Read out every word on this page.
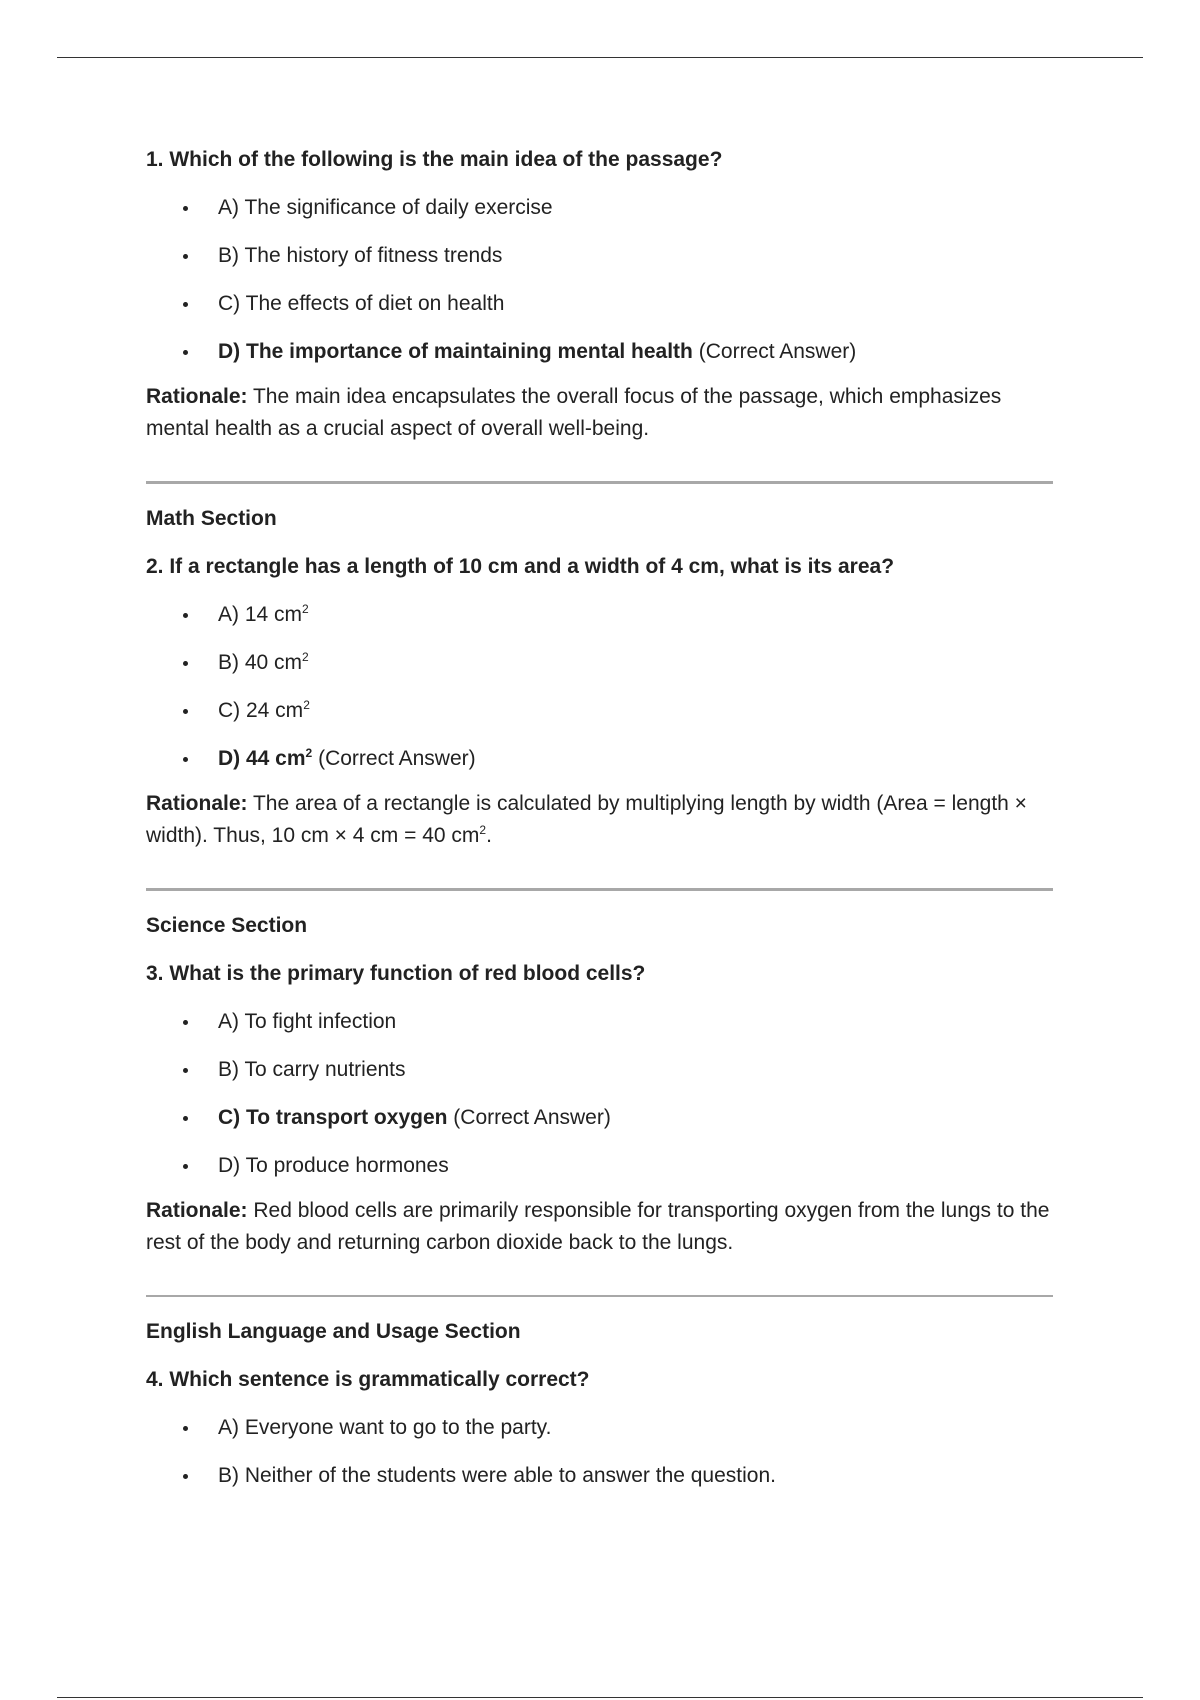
1. Which of the following is the main idea of the passage?

A) The significance of daily exercise
B) The history of fitness trends
C) The effects of diet on health
D) The importance of maintaining mental health (Correct Answer)

Rationale: The main idea encapsulates the overall focus of the passage, which emphasizes mental health as a crucial aspect of overall well-being.

Math Section

2. If a rectangle has a length of 10 cm and a width of 4 cm, what is its area?

A) 14 $cm^2$
B) 40 $cm^2$
C) 24 $cm^2$
D) 44 $cm^2$ (Correct Answer)

Rationale: The area of a rectangle is calculated by multiplying length by width (Area = length × width). Thus, 10 cm × 4 cm = 40 $cm^2$.

Science Section

3. What is the primary function of red blood cells?

A) To fight infection
B) To carry nutrients
C) To transport oxygen (Correct Answer)
D) To produce hormones

Rationale: Red blood cells are primarily responsible for transporting oxygen from the lungs to the rest of the body and returning carbon dioxide back to the lungs.

English Language and Usage Section

4. Which sentence is grammatically correct?

A) Everyone want to go to the party.
B) Neither of the students were able to answer the question.
